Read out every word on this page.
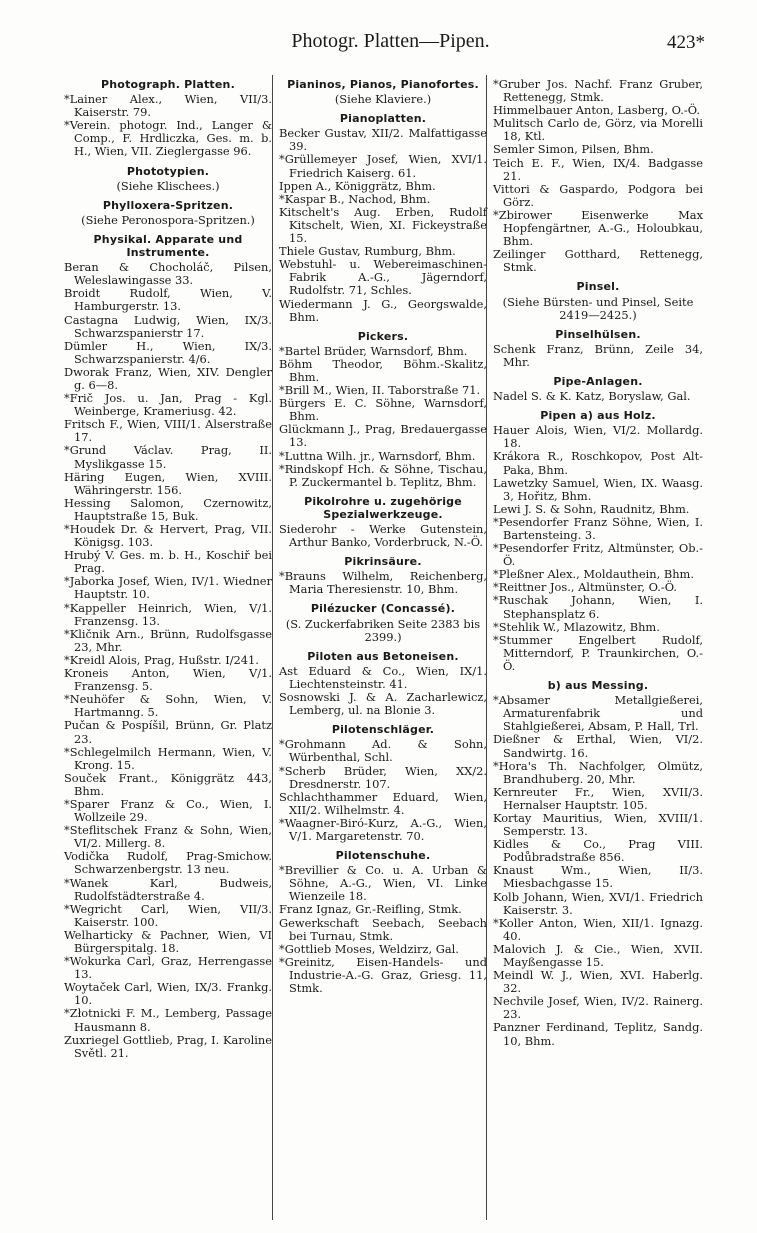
Photogr. Platten—Pipen.	423*
Photograph. Platten.
*Lainer Alex., Wien, VII/3. Kaiserstr. 79.
*Verein. photogr. Ind., Langer & Comp., F. Hrdliczka, Ges. m. b. H., Wien, VII. Zieglergasse 96.
Phototypien.
(Siehe Klischees.)
Phylloxera-Spritzen.
(Siehe Peronospora-Spritzen.)
Physikal. Apparate und Instrumente.
Beran & Chocholáč, Pilsen, Weleslawingasse 33.
Broidt Rudolf, Wien, V. Hamburgerstr. 13.
Castagna Ludwig, Wien, IX/3. Schwarzspanierstr 17.
Dümler H., Wien, IX/3. Schwarzspanierstr. 4/6.
Dworak Franz, Wien, XIV. Dengler g. 6—8.
*Frič Jos. u. Jan, Prag - Kgl. Weinberge, Krameriusg. 42.
Fritsch F., Wien, VIII/1. Alserstraße 17.
*Grund Václav. Prag, II. Myslikgasse 15.
Häring Eugen, Wien, XVIII. Währingerstr. 156.
Hessing Salomon, Czernowitz, Hauptstraße 15, Buk.
*Houdek Dr. & Hervert, Prag, VII. Königsg. 103.
Hrubý V. Ges. m. b. H., Koschiř bei Prag.
*Jaborka Josef, Wien, IV/1. Wiedner Hauptstr. 10.
*Kappeller Heinrich, Wien, V/1. Franzensg. 13.
*Kličnik Arn., Brünn, Rudolfsgasse 23, Mhr.
*Kreidl Alois, Prag, Hußstr. I/241.
Kroneis Anton, Wien, V/1. Franzensg. 5.
*Neuhöfer & Sohn, Wien, V. Hartmanng. 5.
Pučan & Pospíšil, Brünn, Gr. Platz 23.
*Schlegelmilch Hermann, Wien, V. Krong. 15.
Souček Frant., Königgrätz 443, Bhm.
*Sparer Franz & Co., Wien, I. Wollzeile 29.
*Steflitschek Franz & Sohn, Wien, VI/2. Millerg. 8.
Vodička Rudolf, Prag-Smichow. Schwarzenbergstr. 13 neu.
*Wanek Karl, Budweis, Rudolfstädterstraße 4.
*Wegricht Carl, Wien, VII/3. Kaiserstr. 100.
Welharticky & Pachner, Wien, VI Bürgerspitalg. 18.
*Wokurka Carl, Graz, Herrengasse 13.
Woytaček Carl, Wien, IX/3. Frankg. 10.
*Złotnicki F. M., Lemberg, Passage Hausmann 8.
Zuxriegel Gottlieb, Prag, I. Karoline Světl. 21.
Pianinos, Pianos, Pianofortes.
(Siehe Klaviere.)
Pianoplatten.
Becker Gustav, XII/2. Malfattigasse 39.
*Grüllemeyer Josef, Wien, XVI/1. Friedrich Kaiserg. 61.
Ippen A., Königgrätz, Bhm.
*Kaspar B., Nachod, Bhm.
Kitschelt's Aug. Erben, Rudolf Kitschelt, Wien, XI. Fickeystraße 15.
Thiele Gustav, Rumburg, Bhm.
Webstuhl- u. Webereimaschinen-Fabrik A.-G., Jägerndorf, Rudolfstr. 71, Schles.
Wiedermann J. G., Georgswalde, Bhm.
Pickers.
*Bartel Brüder, Warnsdorf, Bhm.
Böhm Theodor, Böhm.-Skalitz, Bhm.
*Brill M., Wien, II. Taborstraße 71.
Bürgers E. C. Söhne, Warnsdorf, Bhm.
Glückmann J., Prag, Bredauergasse 13.
*Luttna Wilh. jr., Warnsdorf, Bhm.
*Rindskopf Hch. & Söhne, Tischau, P. Zuckermantel b. Teplitz, Bhm.
Pikolrohre u. zugehörige Spezialwerkzeuge.
Siederohr - Werke Gutenstein, Arthur Banko, Vorderbruck, N.-Ö.
Pikrinsäure.
*Brauns Wilhelm, Reichenberg, Maria Theresienstr. 10, Bhm.
Pilézucker (Concassé).
(S. Zuckerfabriken Seite 2383 bis 2399.)
Piloten aus Betoneisen.
Ast Eduard & Co., Wien, IX/1. Liechtensteinstr. 41.
Sosnowski J. & A. Zacharlewicz, Lemberg, ul. na Blonie 3.
Pilotenschläger.
*Grohmann Ad. & Sohn, Würbenthal, Schl.
*Scherb Brüder, Wien, XX/2. Dresdnerstr. 107.
Schlachthammer Eduard, Wien, XII/2. Wilhelmstr. 4.
*Waagner-Biró-Kurz, A.-G., Wien, V/1. Margaretenstr. 70.
Pilotenschuhe.
*Brevillier & Co. u. A. Urban & Söhne, A.-G., Wien, VI. Linke Wienzeile 18.
Franz Ignaz, Gr.-Reifling, Stmk.
Gewerkschaft Seebach, Seebach bei Turnau, Stmk.
*Gottlieb Moses, Weldzirz, Gal.
*Greinitz, Eisen-Handels- und Industrie-A.-G. Graz, Griesg. 11, Stmk.
*Gruber Jos. Nachf. Franz Gruber, Rettenegg, Stmk.
Himmelbauer Anton, Lasberg, O.-Ö.
Mulitsch Carlo de, Görz, via Morelli 18, Ktl.
Semler Simon, Pilsen, Bhm.
Teich E. F., Wien, IX/4. Badgasse 21.
Vittori & Gaspardo, Podgora bei Görz.
*Zbirower Eisenwerke Max Hopfengärtner, A.-G., Holoubkau, Bhm.
Zeilinger Gotthard, Rettenegg, Stmk.
Pinsel.
(Siehe Bürsten- und Pinsel, Seite 2419—2425.)
Pinselhülsen.
Schenk Franz, Brünn, Zeile 34, Mhr.
Pipe-Anlagen.
Nadel S. & K. Katz, Boryslaw, Gal.
Pipen a) aus Holz.
Hauer Alois, Wien, VI/2. Mollardg. 18.
Krákora R., Roschkopov, Post Alt-Paka, Bhm.
Lawetzky Samuel, Wien, IX. Waasg. 3, Hořitz, Bhm.
Lewi J. S. & Sohn, Raudnitz, Bhm.
*Pesendorfer Franz Söhne, Wien, I. Bartensteing. 3.
*Pesendorfer Fritz, Altmünster, Ob.-Ö.
*Pleßner Alex., Moldauthein, Bhm.
*Reittner Jos., Altmünster, O.-Ö.
*Ruschak Johann, Wien, I. Stephansplatz 6.
*Stehlik W., Mlazowitz, Bhm.
*Stummer Engelbert Rudolf, Mitterndorf, P. Traunkirchen, O.-Ö.
b) aus Messing.
*Absamer Metallgießerei, Armaturenfabrik und Stahlgießerei, Absam, P. Hall, Trl.
Dießner & Erthal, Wien, VI/2. Sandwirtg. 16.
*Hora's Th. Nachfolger, Olmütz, Brandhuberg. 20, Mhr.
Kernreuter Fr., Wien, XVII/3. Hernalser Hauptstr. 105.
Kortay Mauritius, Wien, XVIII/1. Semperstr. 13.
Kidles & Co., Prag VIII. Podůbradstraße 856.
Knaust Wm., Wien, II/3. Miesbachgasse 15.
Kolb Johann, Wien, XVI/1. Friedrich Kaiserstr. 3.
*Koller Anton, Wien, XII/1. Ignazg. 40.
Malovich J. & Cie., Wien, XVII. Mayßengasse 15.
Meindl W. J., Wien, XVI. Haberlg. 32.
Nechvile Josef, Wien, IV/2. Rainerg. 23.
Panzner Ferdinand, Teplitz, Sandg. 10, Bhm.
